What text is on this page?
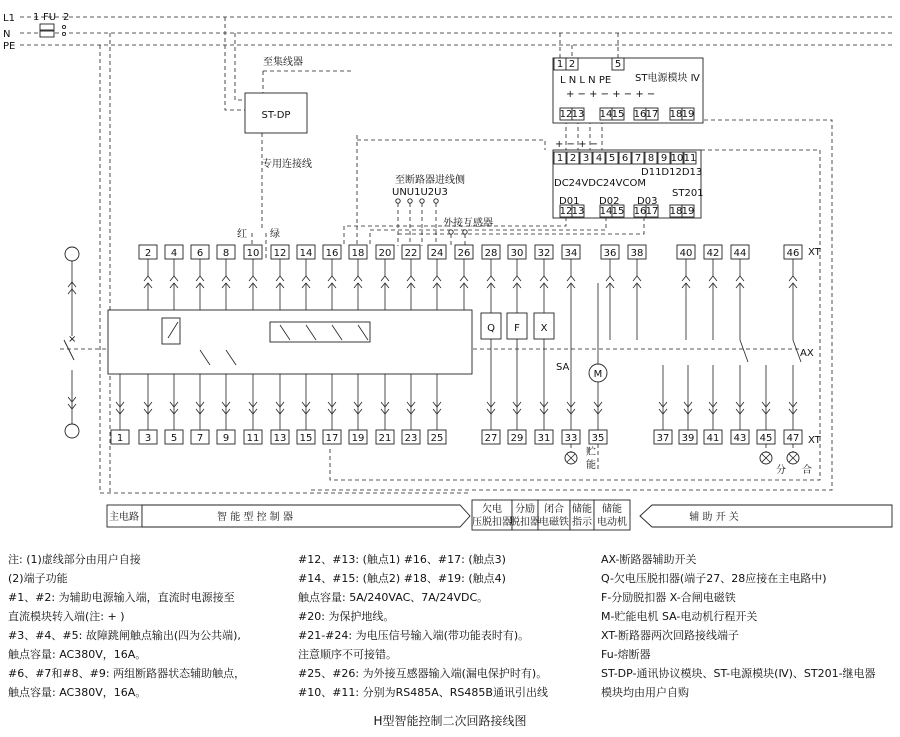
L1
N
PE
1 FU 2
ST-DP
至集线器
专用连接线
红 绿
1 2	5
L N L N PE ST电源模块 Ⅳ
+ − + − + − + −
12 13 14 15 16 17 18 19
+ − + −
1 2 3 4 5 6 7 8 9 10 11
D11D12D13
DC24VDC24VCOM
ST201
D01 D02 D03
12 13 14 15 16 17 18 19
至断路器进线侧
UNU1U2U3
外接互感器
2 4 6 8 10 12 14 16 18 20 22 24 26 28 30 32 34	36 38	40 42 44	46 XT
1 3 5 7 9 11 13 15 17 19 21 23 25	27 29 31 33 35	37 39 41 43 45 47 XT
×
Q F X
SA
M
AX
贮
能	分 合
主电路	智 能 型 控 制 器
欠电
压脱扣器
分励
脱扣器
闭合
电磁铁
储能
指示
储能
电动机	辅 助 开 关
注: (1)虚线部分由用户自接
(2)端子功能
#1、#2: 为辅助电源输入端，直流时电源接至
直流模块转入端(注: + )
#3、#4、#5: 故障跳闸触点输出(四为公共端),
触点容量: AC380V，16A。
#6、#7和#8、#9: 两组断路器状态辅助触点，
触点容量: AC380V，16A。
#12、#13: (触点1) #16、#17: (触点3)
#14、#15: (触点2) #18、#19: (触点4)
触点容量: 5A/240VAC、7A/24VDC。
#20: 为保护地线。
#21-#24: 为电压信号输入端(带功能表时有)。
注意顺序不可接错。
#25、#26: 为外接互感器输入端(漏电保护时有)。
#10、#11: 分别为RS485A、RS485B通讯引出线
AX-断路器辅助开关
Q-欠电压脱扣器(端子27、28应接在主电路中)
F-分励脱扣器 X-合闸电磁铁
M-贮能电机 SA-电动机行程开关
XT-断路器两次回路接线端子
Fu-熔断器
ST-DP-通讯协议模块、ST-电源模块(Ⅳ)、ST201-继电器
模块均由用户自购
H型智能控制二次回路接线图
